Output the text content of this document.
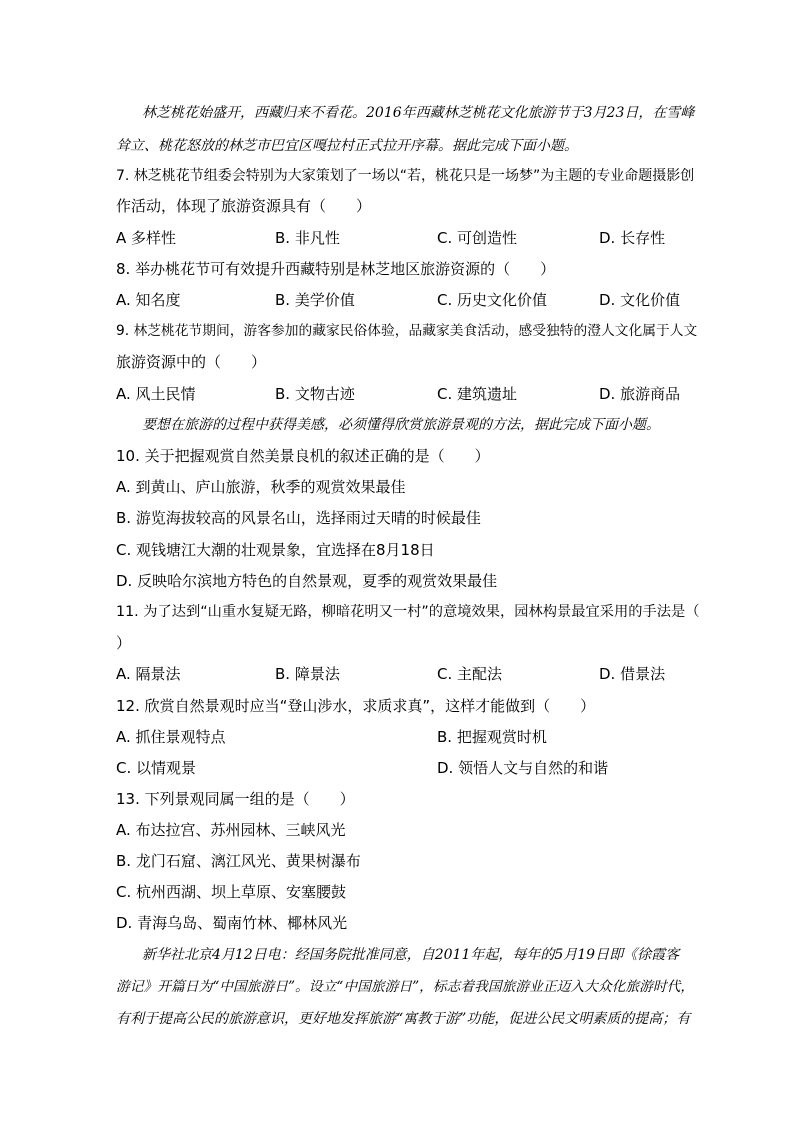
林芝桃花始盛开，西藏归来不看花。2016年西藏林芝桃花文化旅游节于3月23日，在雪峰
耸立、桃花怒放的林芝市巴宜区嘎拉村正式拉开序幕。据此完成下面小题。
7. 林芝桃花节组委会特别为大家策划了一场以“若，桃花只是一场梦”为主题的专业命题摄影创
作活动，体现了旅游资源具有（　　）
A 多样性	B. 非凡性	C. 可创造性	D. 长存性
8. 举办桃花节可有效提升西藏特别是林芝地区旅游资源的（　　）
A. 知名度	B. 美学价值	C. 历史文化价值	D. 文化价值
9. 林芝桃花节期间，游客参加的藏家民俗体验，品藏家美食活动，感受独特的澄人文化属于人文
旅游资源中的（　　）
A. 风土民情	B. 文物古迹	C. 建筑遗址	D. 旅游商品
要想在旅游的过程中获得美感，必须懂得欣赏旅游景观的方法，据此完成下面小题。
10. 关于把握观赏自然美景良机的叙述正确的是（　　）
A. 到黄山、庐山旅游，秋季的观赏效果最佳
B. 游览海拔较高的风景名山，选择雨过天晴的时候最佳
C. 观钱塘江大潮的壮观景象，宜选择在8月18日
D. 反映哈尔滨地方特色的自然景观，夏季的观赏效果最佳
11. 为了达到“山重水复疑无路，柳暗花明又一村”的意境效果，园林构景最宜采用的手法是（
）
A. 隔景法	B. 障景法	C. 主配法	D. 借景法
12. 欣赏自然景观时应当“登山涉水，求质求真”，这样才能做到（　　）
A. 抓住景观特点	B. 把握观赏时机
C. 以情观景	D. 领悟人文与自然的和谐
13. 下列景观同属一组的是（　　）
A. 布达拉宫、苏州园林、三峡风光
B. 龙门石窟、漓江风光、黄果树瀑布
C. 杭州西湖、坝上草原、安塞腰鼓
D. 青海乌岛、蜀南竹林、椰林风光
新华社北京4月12日电：经国务院批准同意，自2011年起，每年的5月19日即《徐霞客
游记》开篇日为“中国旅游日”。设立“中国旅游日”，标志着我国旅游业正迈入大众化旅游时代，
有利于提高公民的旅游意识，更好地发挥旅游“寓教于游”功能，促进公民文明素质的提高；有
